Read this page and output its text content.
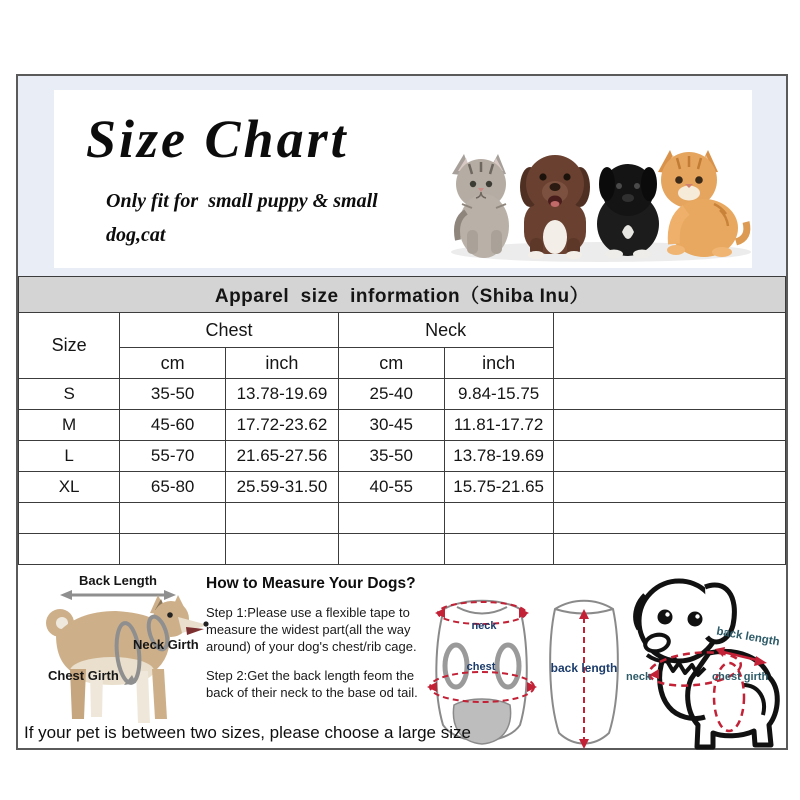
Size Chart
Only fit for  small puppy & small
dog,cat
Apparel  size  information（Shiba Inu）					
Size	Chest		Neck		
	cm	inch	cm	inch	
S	35-50	13.78-19.69	25-40	9.84-15.75	
M	45-60	17.72-23.62	30-45	11.81-17.72	
L	55-70	21.65-27.56	35-50	13.78-19.69	
XL	65-80	25.59-31.50	40-55	15.75-21.65	

Back Length
Neck Girth
Chest Girth
How to Measure Your Dogs?

Step 1:Please use a flexible tape to measure the widest part(all the way around) of your dog's chest/rib cage.

Step 2:Get the back length feom the back of their neck to the base od tail.

neck
chest	back length
back length
neck	chest girth
If your pet is between two sizes, please choose a large size
